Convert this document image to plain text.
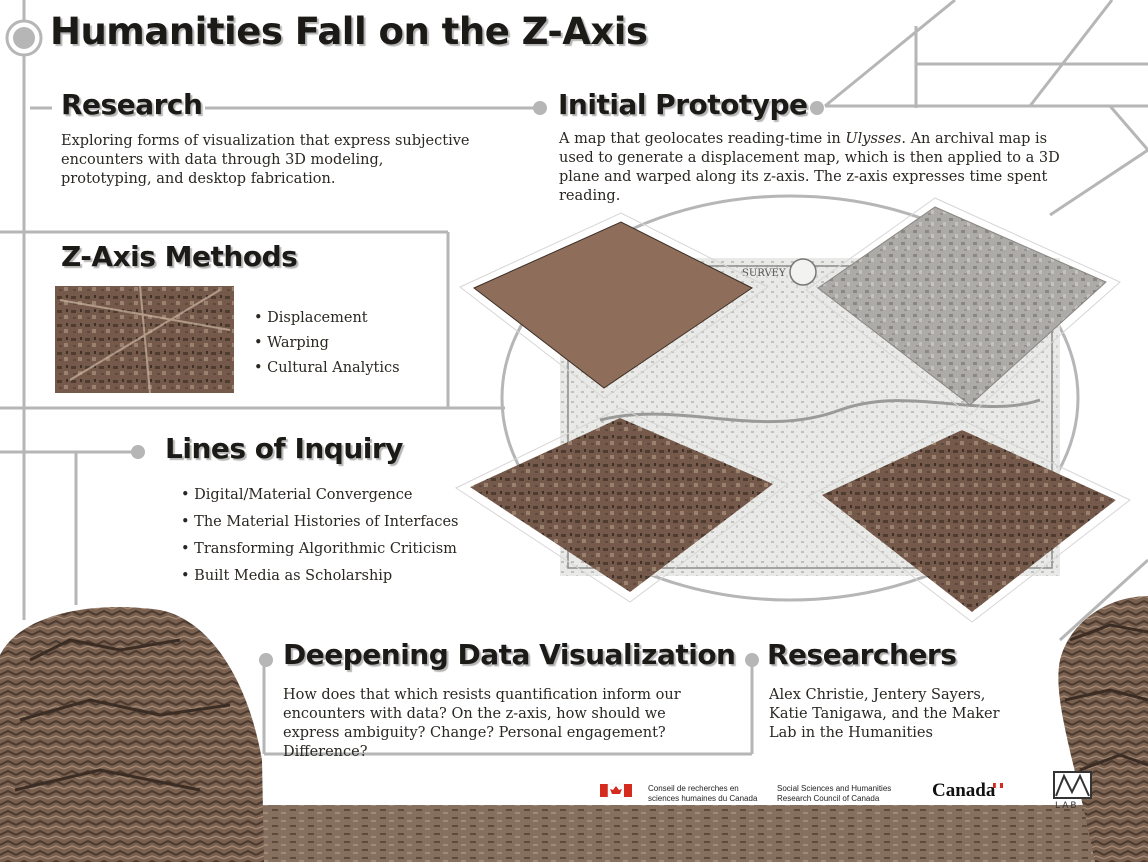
SURVEY
LAB
Humanities Fall on the Z-Axis
Research

Exploring forms of visualization that express subjective encounters with data through 3D modeling, prototyping, and desktop fabrication.

Initial Prototype

A map that geolocates reading-time in Ulysses. An archival map is used to generate a displacement map, which is then applied to a 3D plane and warped along its z-axis. The z-axis expresses time spent reading.

Z-Axis Methods
• Displacement
• Warping
• Cultural Analytics
Lines of Inquiry
• Digital/Material Convergence
• The Material Histories of Interfaces
• Transforming Algorithmic Criticism
• Built Media as Scholarship
Deepening Data Visualization

How does that which resists quantification inform our encounters with data? On the z-axis, how should we express ambiguity? Change? Personal engagement? Difference?

Researchers

Alex Christie, Jentery Sayers, Katie Tanigawa, and the Maker Lab in the Humanities

Conseil de recherches en
sciences humaines du Canada
Social Sciences and Humanities
Research Council of Canada	Canada
